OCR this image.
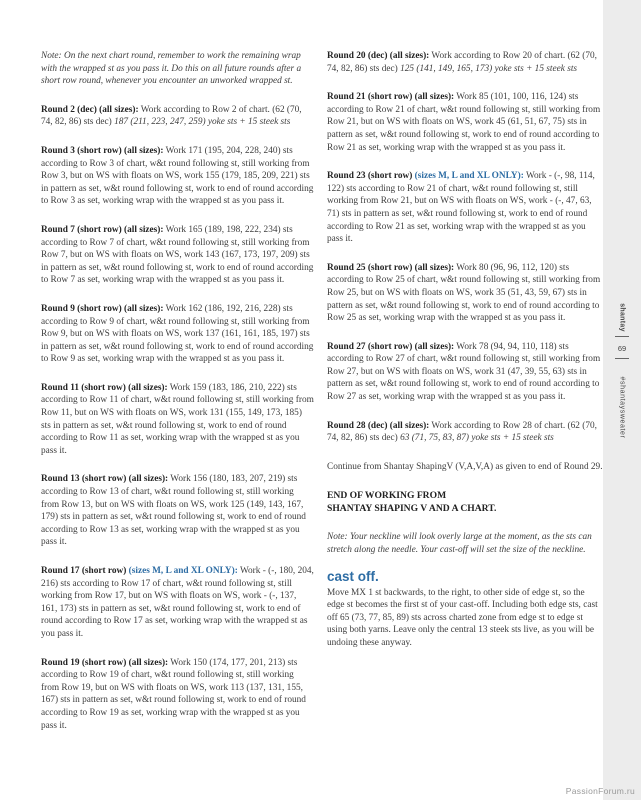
shantay
69
#shantaysweater

Note: On the next chart round, remember to work the remaining wrap with the wrapped st as you pass it. Do this on all future rounds after a short row round, whenever you encounter an unworked wrapped st.

Round 2 (dec) (all sizes): Work according to Row 2 of chart. (62 (70, 74, 82, 86) sts dec) 187 (211, 223, 247, 259) yoke sts + 15 steek sts

Round 3 (short row) (all sizes): Work 171 (195, 204, 228, 240) sts according to Row 3 of chart, w&t round following st, still working from Row 3, but on WS with floats on WS, work 155 (179, 185, 209, 221) sts in pattern as set, w&t round following st, work to end of round according to Row 3 as set, working wrap with the wrapped st as you pass it.

Round 7 (short row) (all sizes): Work 165 (189, 198, 222, 234) sts according to Row 7 of chart, w&t round following st, still working from Row 7, but on WS with floats on WS, work 143 (167, 173, 197, 209) sts in pattern as set, w&t round following st, work to end of round according to Row 7 as set, working wrap with the wrapped st as you pass it.

Round 9 (short row) (all sizes): Work 162 (186, 192, 216, 228) sts according to Row 9 of chart, w&t round following st, still working from Row 9, but on WS with floats on WS, work 137 (161, 161, 185, 197) sts in pattern as set, w&t round following st, work to end of round according to Row 9 as set, working wrap with the wrapped st as you pass it.

Round 11 (short row) (all sizes): Work 159 (183, 186, 210, 222) sts according to Row 11 of chart, w&t round following st, still working from Row 11, but on WS with floats on WS, work 131 (155, 149, 173, 185) sts in pattern as set, w&t round following st, work to end of round according to Row 11 as set, working wrap with the wrapped st as you pass it.

Round 13 (short row) (all sizes): Work 156 (180, 183, 207, 219) sts according to Row 13 of chart, w&t round following st, still working from Row 13, but on WS with floats on WS, work 125 (149, 143, 167, 179) sts in pattern as set, w&t round following st, work to end of round according to Row 13 as set, working wrap with the wrapped st as you pass it.

Round 17 (short row) (sizes M, L and XL ONLY): Work - (-, 180, 204, 216) sts according to Row 17 of chart, w&t round following st, still working from Row 17, but on WS with floats on WS, work - (-, 137, 161, 173) sts in pattern as set, w&t round following st, work to end of round according to Row 17 as set, working wrap with the wrapped st as you pass it.

Round 19 (short row) (all sizes): Work 150 (174, 177, 201, 213) sts according to Row 19 of chart, w&t round following st, still working from Row 19, but on WS with floats on WS, work 113 (137, 131, 155, 167) sts in pattern as set, w&t round following st, work to end of round according to Row 19 as set, working wrap with the wrapped st as you pass it.

Round 20 (dec) (all sizes): Work according to Row 20 of chart. (62 (70, 74, 82, 86) sts dec) 125 (141, 149, 165, 173) yoke sts + 15 steek sts

Round 21 (short row) (all sizes): Work 85 (101, 100, 116, 124) sts according to Row 21 of chart, w&t round following st, still working from Row 21, but on WS with floats on WS, work 45 (61, 51, 67, 75) sts in pattern as set, w&t round following st, work to end of round according to Row 21 as set, working wrap with the wrapped st as you pass it.

Round 23 (short row) (sizes M, L and XL ONLY): Work - (-, 98, 114, 122) sts according to Row 21 of chart, w&t round following st, still working from Row 21, but on WS with floats on WS, work - (-, 47, 63, 71) sts in pattern as set, w&t round following st, work to end of round according to Row 21 as set, working wrap with the wrapped st as you pass it.

Round 25 (short row) (all sizes): Work 80 (96, 96, 112, 120) sts according to Row 25 of chart, w&t round following st, still working from Row 25, but on WS with floats on WS, work 35 (51, 43, 59, 67) sts in pattern as set, w&t round following st, work to end of round according to Row 25 as set, working wrap with the wrapped st as you pass it.

Round 27 (short row) (all sizes): Work 78 (94, 94, 110, 118) sts according to Row 27 of chart, w&t round following st, still working from Row 27, but on WS with floats on WS, work 31 (47, 39, 55, 63) sts in pattern as set, w&t round following st, work to end of round according to Row 27 as set, working wrap with the wrapped st as you pass it.

Round 28 (dec) (all sizes): Work according to Row 28 of chart. (62 (70, 74, 82, 86) sts dec) 63 (71, 75, 83, 87) yoke sts + 15 steek sts

Continue from Shantay ShapingV (V,A,V,A) as given to end of Round 29.

END OF WORKING FROM
SHANTAY SHAPING V AND A CHART.

Note: Your neckline will look overly large at the moment, as the sts can stretch along the needle. Your cast-off will set the size of the neckline.

cast off.

Move MX 1 st backwards, to the right, to other side of edge st, so the edge st becomes the first st of your cast-off. Including both edge sts, cast off 65 (73, 77, 85, 89) sts across charted zone from edge st to edge st using both yarns. Leave only the central 13 steek sts live, as you will be undoing these anyway.

PassionForum.ru
